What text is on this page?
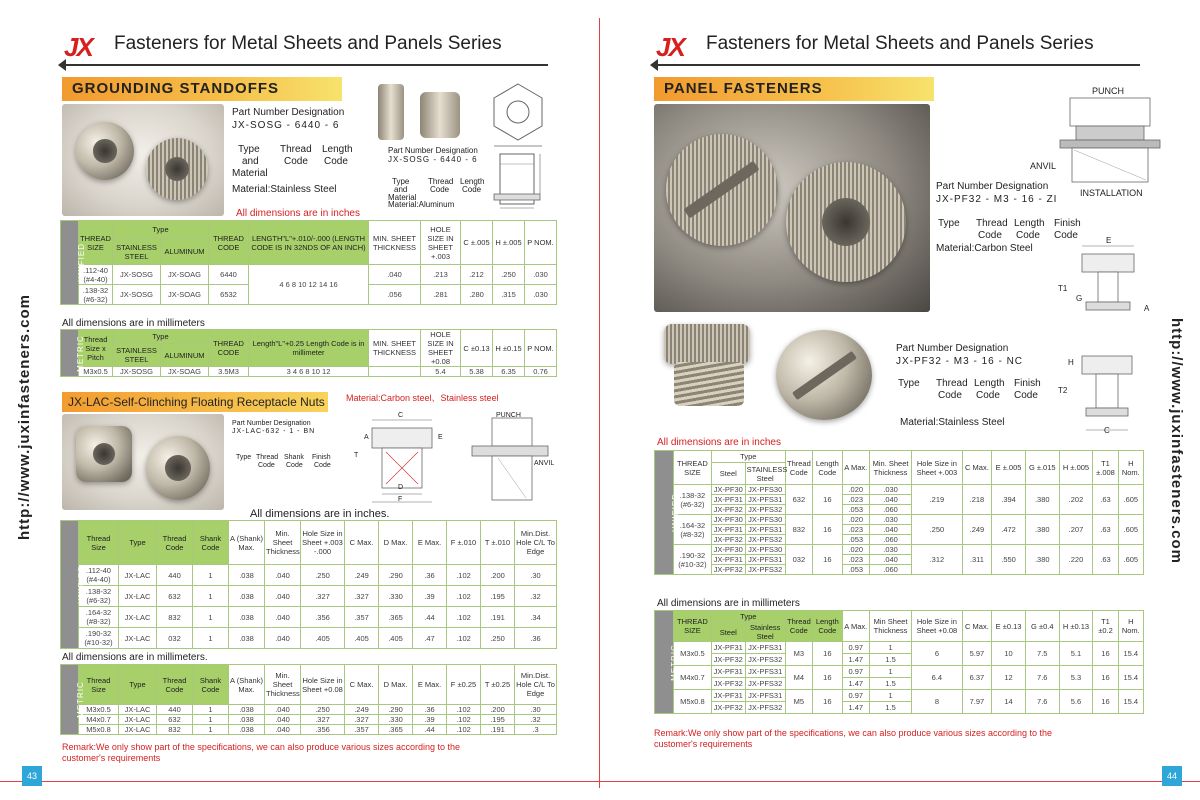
JX Fasteners for Metal Sheets and Panels Series
GROUNDING STANDOFFS
Part Number Designation
JX-SOSG - 6440 - 6
Type
and
Material
Thread
Code
Length
Code
Material:Stainless Steel
Part Number Designation
JX-SOSG - 6440 - 6
Type
and
Material
Thread
Code
Length
Code
Material:Aluminum
All dimensions are in inches
UNIFIED	THREAD SIZE	Type		THREAD CODE	LENGTH"L"+.010/-.000 (LENGTH CODE IS IN 32NDS OF AN INCH)	MIN. SHEET THICKNESS	HOLE SIZE IN SHEET +.003	C ±.005	H ±.005	P NOM.
		STAINLESS STEEL	ALUMINUM							
	.112-40 (#4-40)	JX-SOSG	JX-SOAG	6440	4 6 8 10 12 14 16	.040	.213	.212	.250	.030
	.138-32 (#6-32)	JX-SOSG	JX-SOAG	6532		.056	.281	.280	.315	.030
All dimensions are in millimeters
METRIC	Thread Size x Pitch	Type		THREAD CODE	Length"L"+0.25 Length Code is in millimeter	MIN. SHEET THICKNESS	HOLE SIZE IN SHEET +0.08	C ±0.13	H ±0.15	P NOM.
		STAINLESS STEEL	ALUMINUM							
	M3x0.5	JX-SOSG	JX-SOAG	3.5M3	3 4 6 8 10 12		5.4	5.38	6.35	0.76
JX-LAC-Self-Clinching Floating Receptacle Nuts	Material:Carbon steel、Stainless steel
Part Number Designation
JX-LAC-632 - 1 - BN
Type Thread
Code
Shank
Code
Finish
Code
C
D
F
T
A	E
PUNCH
ANVIL
All dimensions are in inches.
UNIFIED	Thread Size	Type	Thread Code	Shank Code	A (Shank) Max.	Min. Sheet Thickness	Hole Size in Sheet +.003 -.000	C Max.	D Max.	E Max.	F ±.010	T ±.010	Min.Dist. Hole C/L To Edge
	.112-40 (#4-40)	JX-LAC	440	1	.038	.040	.250	.249	.290	.36	.102	.200	.30
	.138-32 (#6-32)	JX-LAC	632	1	.038	.040	.327	.327	.330	.39	.102	.195	.32
	.164-32 (#8-32)	JX-LAC	832	1	.038	.040	.356	.357	.365	.44	.102	.191	.34
	.190-32 (#10-32)	JX-LAC	032	1	.038	.040	.405	.405	.405	.47	.102	.250	.36
All dimensions are in millimeters.
METRIC	Thread Size	Type	Thread Code	Shank Code	A (Shank) Max.	Min. Sheet Thickness	Hole Size in Sheet +0.08	C Max.	D Max.	E Max.	F ±0.25	T ±0.25	Min.Dist. Hole C/L To Edge
	M3x0.5	JX-LAC	440	1	.038	.040	.250	.249	.290	.36	.102	.200	.30
	M4x0.7	JX-LAC	632	1	.038	.040	.327	.327	.330	.39	.102	.195	.32
	M5x0.8	JX-LAC	832	1	.038	.040	.356	.357	.365	.44	.102	.191	.3
Remark:We only show part of the specifications, we can also produce various sizes according to the customer's requirements
43
http://www.juxinfasteners.com
JX Fasteners for Metal Sheets and Panels Series
PANEL FASTENERS	PUNCH
INSTALLATION
ANVIL
Part Number Designation
JX-PF32 - M3 - 16 - ZI
Type Thread
Code
Length
Code
Finish
Code
Material:Carbon Steel
E
T1
G
A
Part Number Designation
JX-PF32 - M3 - 16 - NC
Type Thread
Code
Length
Code
Finish
Code
Material:Stainless Steel
H
T2
C
All dimensions are in inches
UNIFIED	THREAD SIZE	Type		Thread Code	Length Code	A Max.	Min. Sheet Thickness	Hole Size in Sheet +.003	C Max.	E ±.005	G ±.015	H ±.005	T1 ±.008	H Nom.
		Steel	STAINLESS Steel											
	.138-32 (#6-32)	JX-PF30	JX-PFS30	632	16	.020	.030	.219	.218	.394	.380	.202	.63	.605
		JX-PF31	JX-PFS31			.023	.040							
		JX-PF32	JX-PFS32			.053	.060							
	.164-32 (#8-32)	JX-PF30	JX-PFS30	832	16	.020	.030	.250	.249	.472	.380	.207	.63	.605
		JX-PF31	JX-PFS31			.023	.040							
		JX-PF32	JX-PFS32			.053	.060							
	.190-32 (#10-32)	JX-PF30	JX-PFS30	032	16	.020	.030	.312	.311	.550	.380	.220	.63	.605
		JX-PF31	JX-PFS31			.023	.040							
		JX-PF32	JX-PFS32			.053	.060							
All dimensions are in millimeters
METRIC	THREAD SIZE	Type		Thread Code	Length Code	A Max.	Min Sheet Thickness	Hole Size in Sheet +0.08	C Max.	E ±0.13	G ±0.4	H ±0.13	T1 ±0.2	H Nom.
		Steel	Stainless Steel											
	M3x0.5	JX-PF31	JX-PFS31	M3	16	0.97	1	6	5.97	10	7.5	5.1	16	15.4
		JX-PF32	JX-PFS32			1.47	1.5							
	M4x0.7	JX-PF31	JX-PFS31	M4	16	0.97	1	6.4	6.37	12	7.6	5.3	16	15.4
		JX-PF32	JX-PFS32			1.47	1.5							
	M5x0.8	JX-PF31	JX-PFS31	M5	16	0.97	1	8	7.97	14	7.6	5.6	16	15.4
		JX-PF32	JX-PFS32			1.47	1.5							
Remark:We only show part of the specifications, we can also produce various sizes according to the customer's requirements
44
http://www.juxinfasteners.com
